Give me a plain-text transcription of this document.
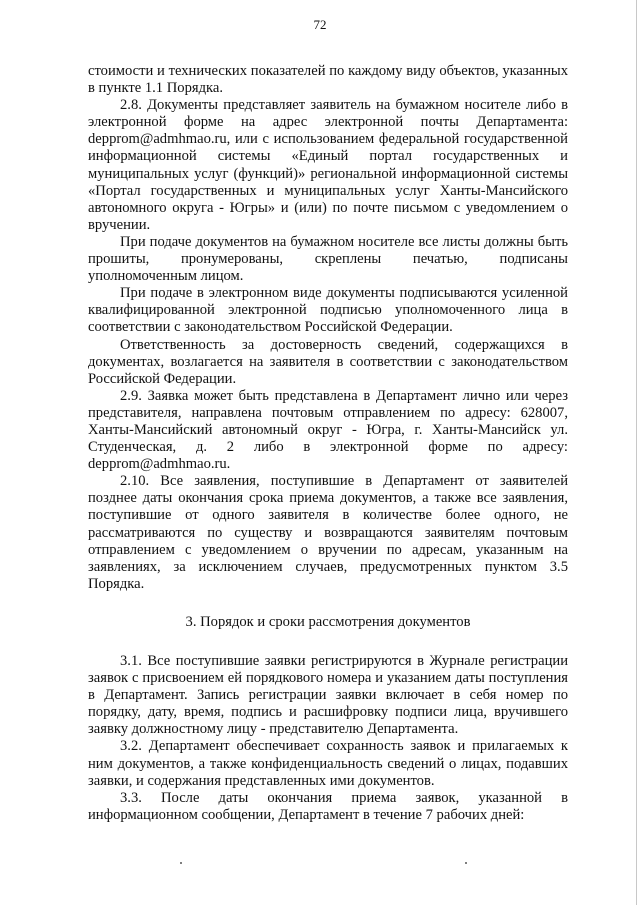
72

стоимости и технических показателей по каждому виду объектов, указанных в пункте 1.1 Порядка.

2.8. Документы представляет заявитель на бумажном носителе либо в электронной форме на адрес электронной почты Департамента: depprom@admhmao.ru, или с использованием федеральной государственной информационной системы «Единый портал государственных и муниципальных услуг (функций)» региональной информационной системы «Портал государственных и муниципальных услуг Ханты-Мансийского автономного округа - Югры» и (или) по почте письмом с уведомлением о вручении.

При подаче документов на бумажном носителе все листы должны быть прошиты, пронумерованы, скреплены печатью, подписаны уполномоченным лицом.

При подаче в электронном виде документы подписываются усиленной квалифицированной электронной подписью уполномоченного лица в соответствии с законодательством Российской Федерации.

Ответственность за достоверность сведений, содержащихся в документах, возлагается на заявителя в соответствии с законодательством Российской Федерации.

2.9. Заявка может быть представлена в Департамент лично или через представителя, направлена почтовым отправлением по адресу: 628007, Ханты-Мансийский автономный округ - Югра, г. Ханты-Мансийск ул. Студенческая, д. 2 либо в электронной форме по адресу: depprom@admhmao.ru.

2.10. Все заявления, поступившие в Департамент от заявителей позднее даты окончания срока приема документов, а также все заявления, поступившие от одного заявителя в количестве более одного, не рассматриваются по существу и возвращаются заявителям почтовым отправлением с уведомлением о вручении по адресам, указанным на заявлениях, за исключением случаев, предусмотренных пунктом 3.5 Порядка.

3. Порядок и сроки рассмотрения документов

3.1. Все поступившие заявки регистрируются в Журнале регистрации заявок с присвоением ей порядкового номера и указанием даты поступления в Департамент. Запись регистрации заявки включает в себя номер по порядку, дату, время, подпись и расшифровку подписи лица, вручившего заявку должностному лицу - представителю Департамента.

3.2. Департамент обеспечивает сохранность заявок и прилагаемых к ним документов, а также конфиденциальность сведений о лицах, подавших заявки, и содержания представленных ими документов.

3.3. После даты окончания приема заявок, указанной в информационном сообщении, Департамент в течение 7 рабочих дней:
